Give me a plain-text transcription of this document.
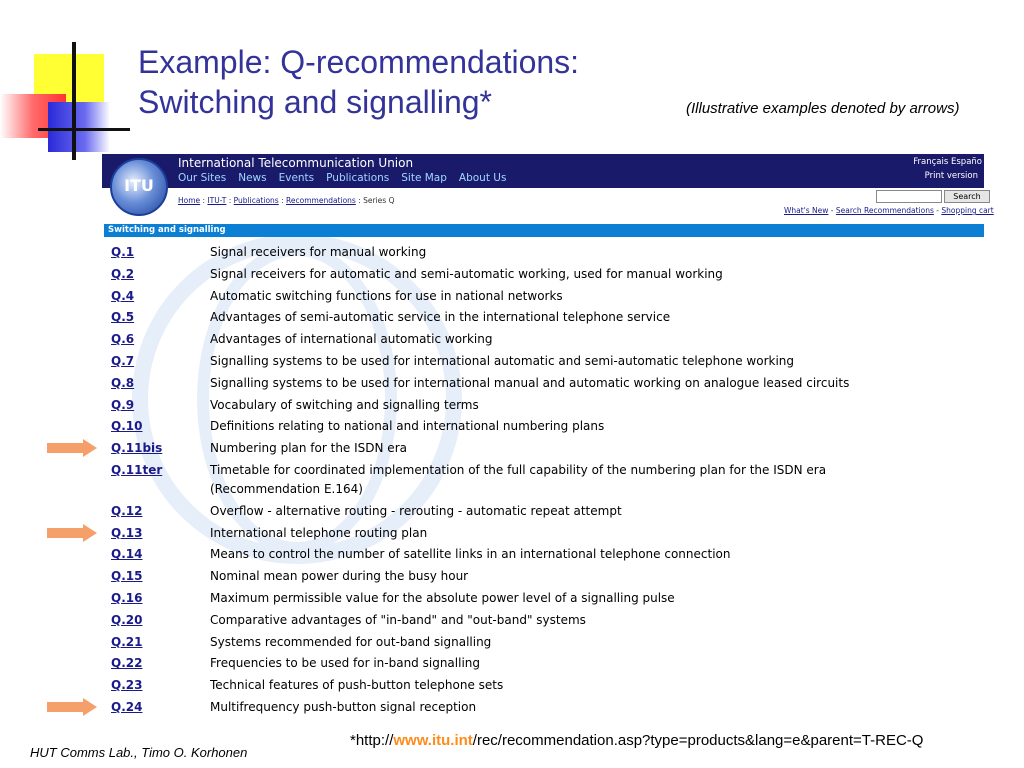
Example: Q-recommendations:
Switching and signalling*	(Illustrative examples denoted by arrows)
International Telecommunication Union
Our Sites News Events Publications Site Map About Us
Français Españo
Print version
Home : ITU-T : Publications : Recommendations : Series Q	Search
What's New - Search Recommendations - Shopping cart
ITU
Switching and signalling
Q.1	Signal receivers for manual working
Q.2	Signal receivers for automatic and semi-automatic working, used for manual working
Q.4	Automatic switching functions for use in national networks
Q.5	Advantages of semi-automatic service in the international telephone service
Q.6	Advantages of international automatic working
Q.7	Signalling systems to be used for international automatic and semi-automatic telephone working
Q.8	Signalling systems to be used for international manual and automatic working on analogue leased circuits
Q.9	Vocabulary of switching and signalling terms
Q.10	Definitions relating to national and international numbering plans
Q.11bis	Numbering plan for the ISDN era
Q.11ter	Timetable for coordinated implementation of the full capability of the numbering plan for the ISDN era
(Recommendation E.164)
Q.12	Overflow - alternative routing - rerouting - automatic repeat attempt
Q.13	International telephone routing plan
Q.14	Means to control the number of satellite links in an international telephone connection
Q.15	Nominal mean power during the busy hour
Q.16	Maximum permissible value for the absolute power level of a signalling pulse
Q.20	Comparative advantages of "in-band" and "out-band" systems
Q.21	Systems recommended for out-band signalling
Q.22	Frequencies to be used for in-band signalling
Q.23	Technical features of push-button telephone sets
Q.24	Multifrequency push-button signal reception
HUT Comms Lab., Timo O. Korhonen
*http://www.itu.int/rec/recommendation.asp?type=products&lang=e&parent=T-REC-Q
